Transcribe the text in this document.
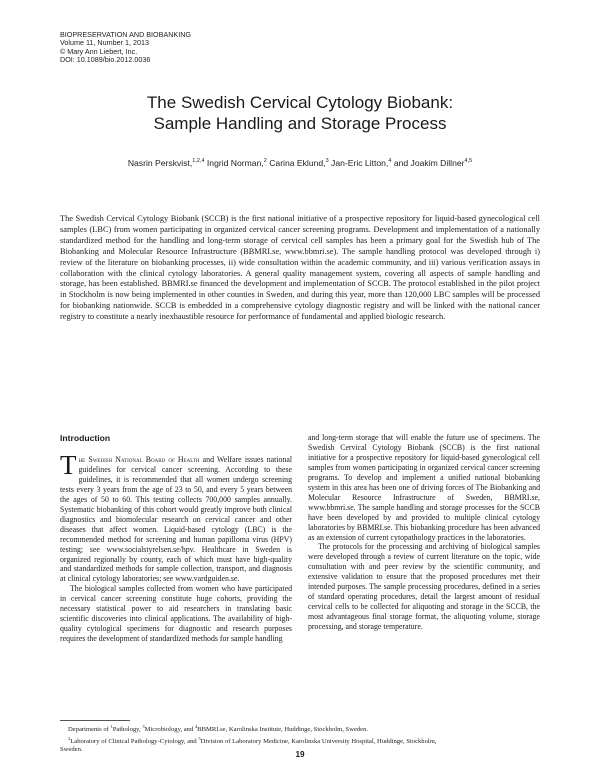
BIOPRESERVATION AND BIOBANKING
Volume 11, Number 1, 2013
© Mary Ann Liebert, Inc.
DOI: 10.1089/bio.2012.0036
The Swedish Cervical Cytology Biobank:
Sample Handling and Storage Process
Nasrin Perskvist,$^{1,2,4}$ Ingrid Norman,$^2$ Carina Eklund,$^3$ Jan-Eric Litton,$^4$ and Joakim Dillner$^{4,5}$
The Swedish Cervical Cytology Biobank (SCCB) is the first national initiative of a prospective repository for liquid-based gynecological cell samples (LBC) from women participating in organized cervical cancer screening programs. Development and implementation of a nationally standardized method for the handling and long-term storage of cervical cell samples has been a primary goal for the Swedish hub of The Biobanking and Molecular Resource Infrastructure (BBMRI.se, www.bbmri.se). The sample handling protocol was developed through i) review of the literature on biobanking processes, ii) wide consultation within the academic community, and iii) various verification assays in collaboration with the clinical cytology laboratories. A general quality management system, covering all aspects of sample handling and storage, has been established. BBMRI.se financed the development and implementation of SCCB. The protocol established in the pilot project in Stockholm is now being implemented in other counties in Sweden, and during this year, more than 120,000 LBC samples will be processed for biobanking nationwide. SCCB is embedded in a comprehensive cytology diagnostic registry and will be linked with the national cancer registry to constitute a nearly inexhaustible resource for performance of fundamental and applied biologic research.
Introduction

The Swedish National Board of Health and Welfare issues national guidelines for cervical cancer screening. According to these guidelines, it is recommended that all women undergo screening tests every 3 years from the age of 23 to 50, and every 5 years between the ages of 50 to 60. This testing collects 700,000 samples annually. Systematic biobanking of this cohort would greatly improve both clinical diagnostics and biomolecular research on cervical cancer and other diseases that affect women. Liquid-based cytology (LBC) is the recommended method for screening and human papilloma virus (HPV) testing; see www.socialstyrelsen.se/hpv. Healthcare in Sweden is organized regionally by county, each of which must have high-quality and standardized methods for sample collection, transport, and diagnosis at clinical cytology laboratories; see www.vardguiden.se.

The biological samples collected from women who have participated in cervical cancer screening constitute huge cohorts, providing the necessary statistical power to aid researchers in translating basic scientific discoveries into clinical applications. The availability of high-quality cytological specimens for diagnostic and research purposes requires the development of standardized methods for sample handling

and long-term storage that will enable the future use of specimens. The Swedish Cervical Cytology Biobank (SCCB) is the first national initiative for a prospective repository for liquid-based gynecological cell samples from women participating in organized cervical cancer screening programs. To develop and implement a unified national biobanking system in this area has been one of driving forces of The Biobanking and Molecular Resource Infrastructure of Sweden, BBMRI.se, www.bbmri.se. The sample handling and storage processes for the SCCB have been developed by and provided to multiple clinical cytology laboratories by BBMRI.se. This biobanking procedure has been advanced as an extension of current cytopathology practices in the laboratories.

The protocols for the processing and archiving of biological samples were developed through a review of current literature on the topic, wide consultation with and peer review by the scientific community, and extensive validation to ensure that the proposed procedures met their intended purposes. The sample processing procedures, defined in a series of standard operating procedures, detail the largest amount of residual cervical cells to be collected for aliquoting and storage in the SCCB, the most advantageous final storage format, the aliquoting volume, storage processing, and storage temperature.

Departments of $^1$Pathology, $^3$Microbiology, and $^4$BBMRI.se, Karolinska Institute, Huddinge, Stockholm, Sweden.
$^2$Laboratory of Clinical Pathology-Cytology, and $^5$Division of Laboratory Medicine, Karolinska University Hospital, Huddinge, Stockholm,
Sweden.
19
